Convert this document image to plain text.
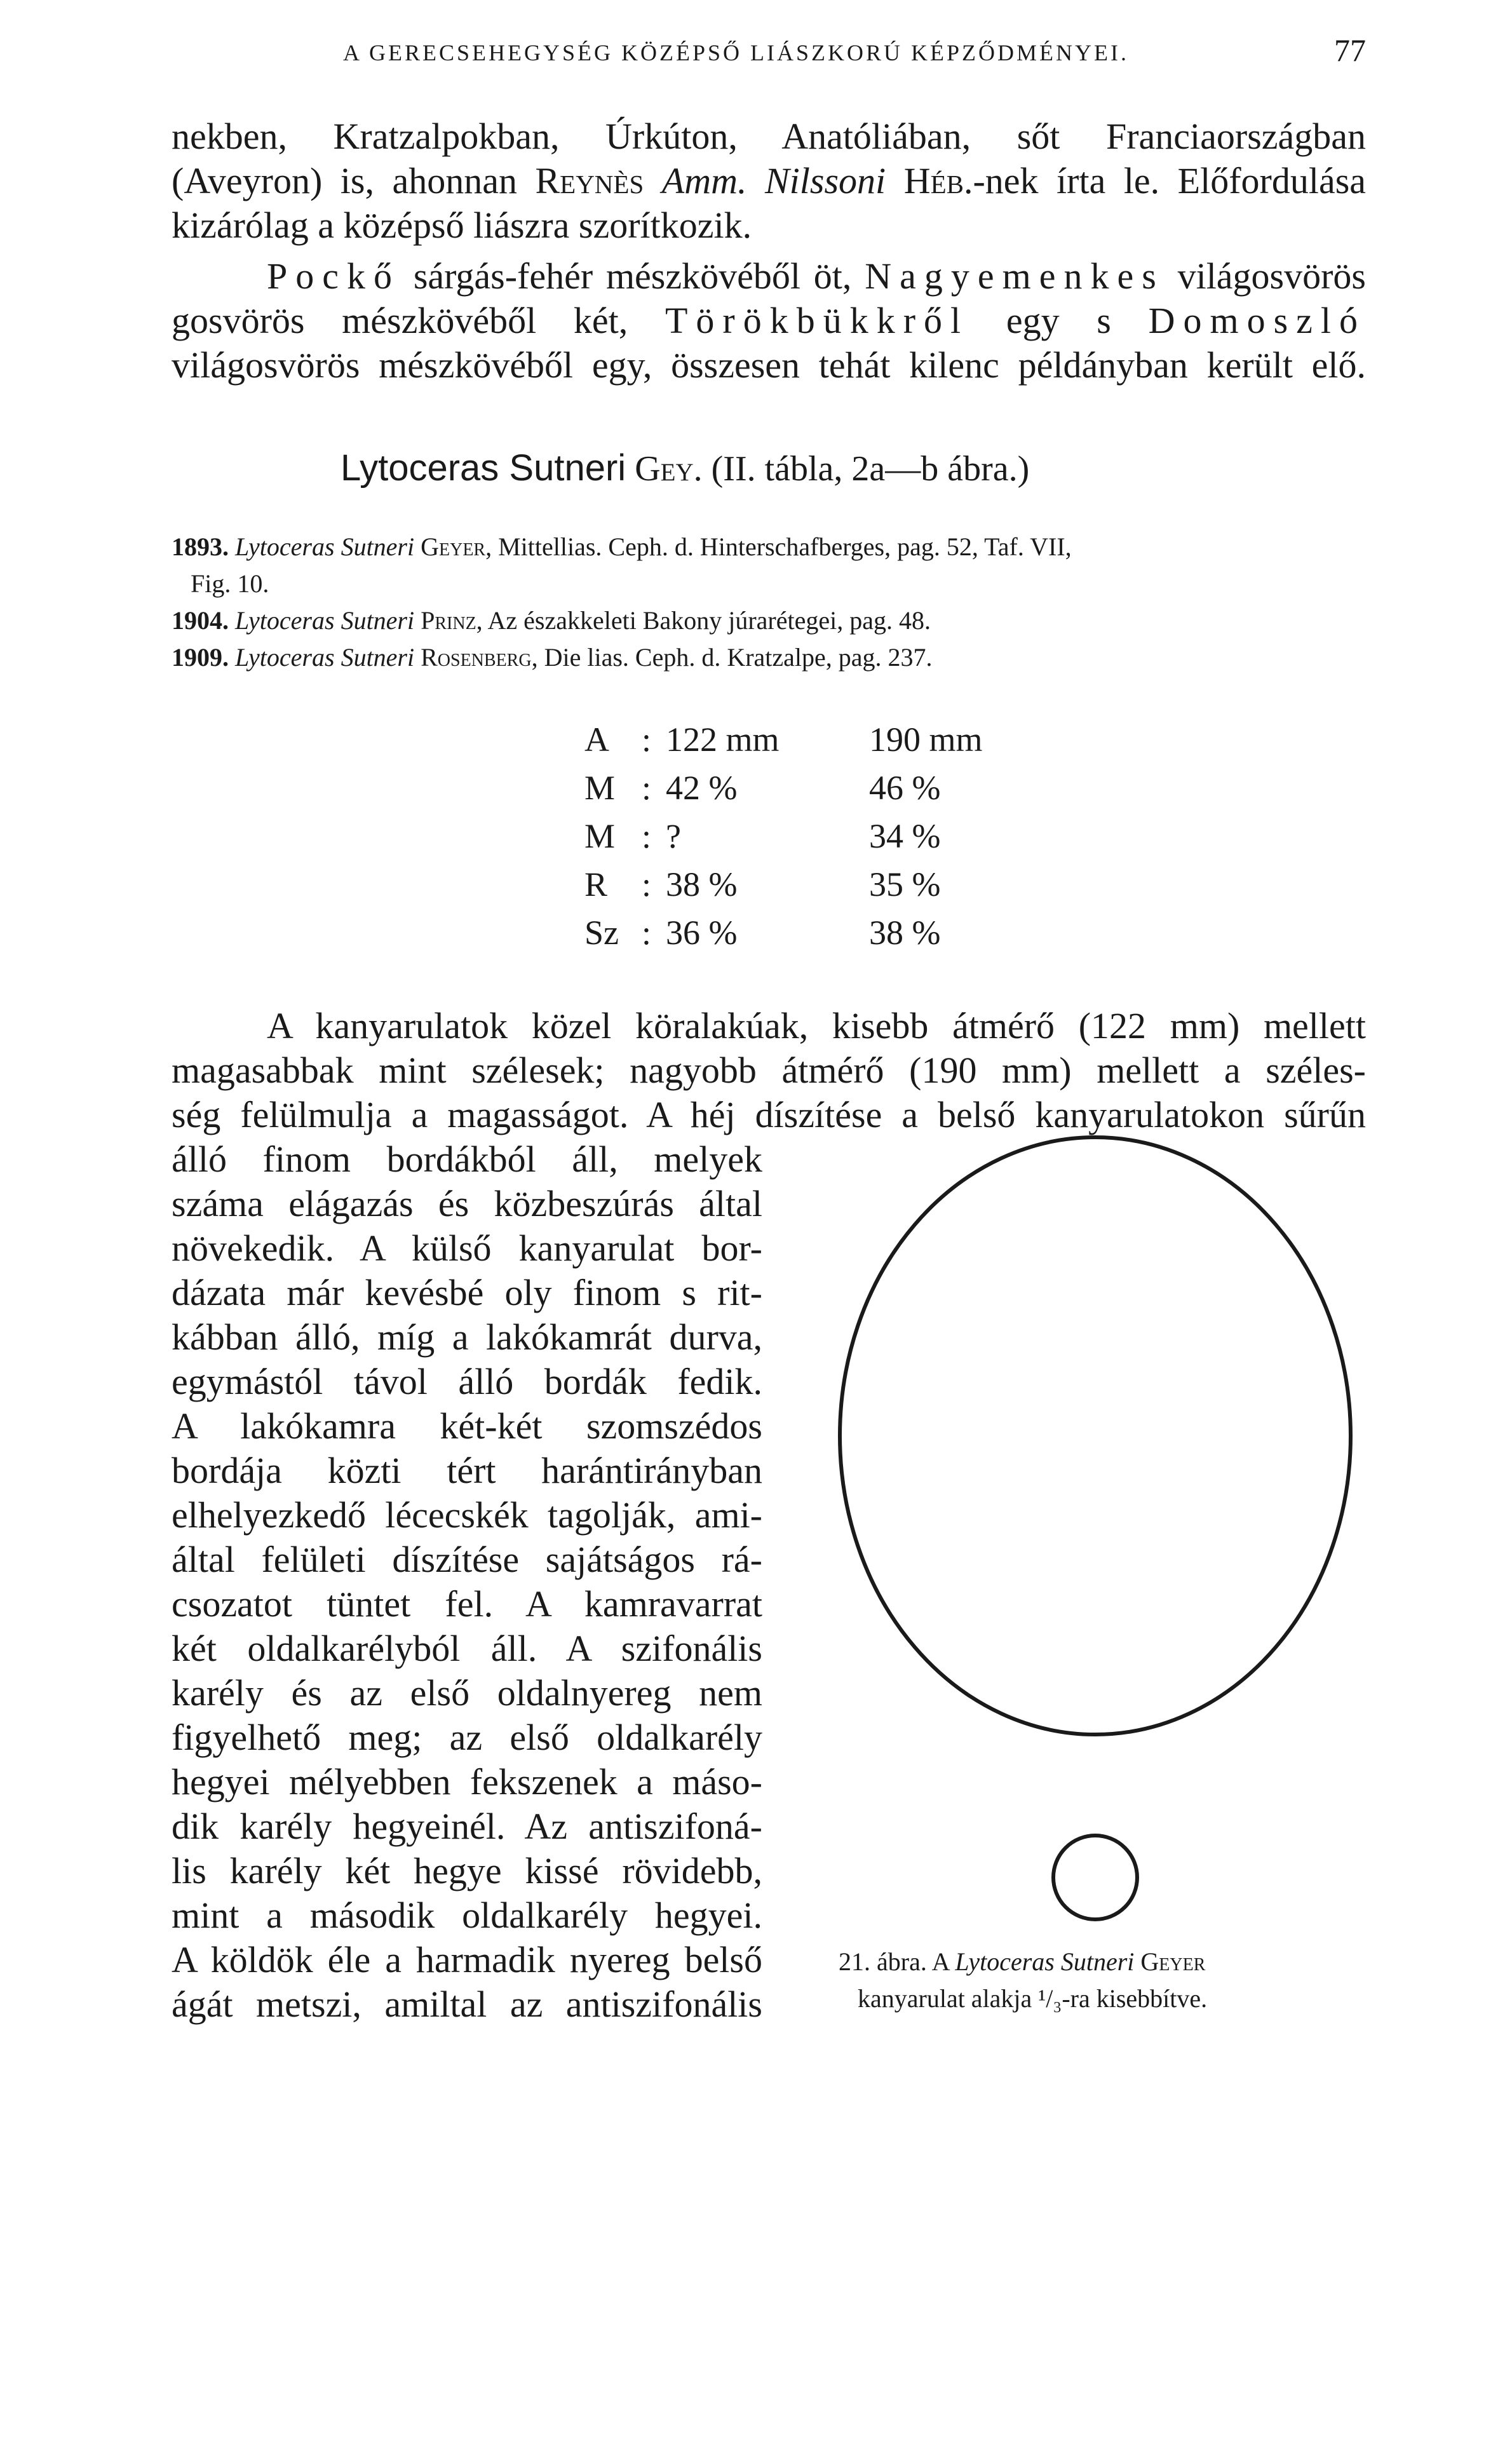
A GERECSEHEGYSÉG KÖZÉPSŐ LIÁSZKORÚ KÉPZŐDMÉNYEI.	77
nekben, Kratzalpokban, Úrkúton, Anatóliában, sőt Franciaországban
(Aveyron) is, ahonnan Reynès Amm. Nilssoni Héb.-nek írta le. Előfordulása
kizárólag a középső liászra szorítkozik.
Pockő sárgás-fehér mészkövéből öt, Nagyemenkes világosvörös
gosvörös mészkövéből két, Törökbükkről egy s Domoszló
világosvörös mészkövéből egy, összesen tehát kilenc példányban került elő.
Lytoceras Sutneri Gey. (II. tábla, 2a—b ábra.)
1893. Lytoceras Sutneri Geyer, Mittellias. Ceph. d. Hinterschafberges, pag. 52, Taf. VII,
Fig. 10.
1904. Lytoceras Sutneri Prinz, Az északkeleti Bakony júrarétegei, pag. 48.
1909. Lytoceras Sutneri Rosenberg, Die lias. Ceph. d. Kratzalpe, pag. 237.
A : 122 mm	190 mm
M : 42 %	46 %
M : ?	34 %
R : 38 %	35 %
Sz : 36 %	38 %
A kanyarulatok közel köralakúak, kisebb átmérő (122 mm) mellett
magasabbak mint szélesek; nagyobb átmérő (190 mm) mellett a széles-
ség felülmulja a magasságot. A héj díszítése a belső kanyarulatokon sűrűn
álló finom bordákból áll, melyek
száma elágazás és közbeszúrás által
növekedik. A külső kanyarulat bor-
dázata már kevésbé oly finom s rit-
kábban álló, míg a lakókamrát durva,
egymástól távol álló bordák fedik.
A lakókamra két-két szomszédos
bordája közti tért harántirányban
elhelyezkedő lécecskék tagolják, ami-
által felületi díszítése sajátságos rá-
csozatot tüntet fel. A kamravarrat
két oldalkarélyból áll. A szifonális
karély és az első oldalnyereg nem
figyelhető meg; az első oldalkarély
hegyei mélyebben fekszenek a máso-
dik karély hegyeinél. Az antiszifoná-
lis karély két hegye kissé rövidebb,
mint a második oldalkarély hegyei.
A köldök éle a harmadik nyereg belső
ágát metszi, amiltal az antiszifonális
21. ábra. A Lytoceras Sutneri Geyer
kanyarulat alakja ¹/₃-ra kisebbítve.
